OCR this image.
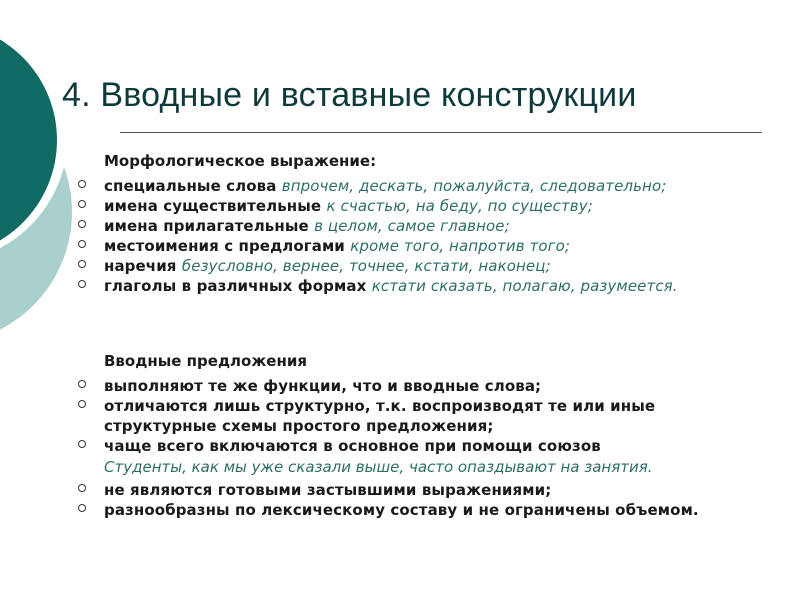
4. Вводные и вставные конструкции

Морфологическое выражение:

специальные слова впрочем, дескать, пожалуйста, следовательно;
имена существительные к счастью, на беду, по существу;
имена прилагательные в целом, самое главное;
местоимения с предлогами кроме того, напротив того;
наречия безусловно, вернее, точнее, кстати, наконец;
глаголы в различных формах кстати сказать, полагаю, разумеется.

Вводные предложения

выполняют те же функции, что и вводные слова;
отличаются лишь структурно, т.к. воспроизводят те или иные структурные схемы простого предложения;
чаще всего включаются в основное при помощи союзов

Студенты, как мы уже сказали выше, часто опаздывают на занятия.

не являются готовыми застывшими выражениями;
разнообразны по лексическому составу и не ограничены объемом.
